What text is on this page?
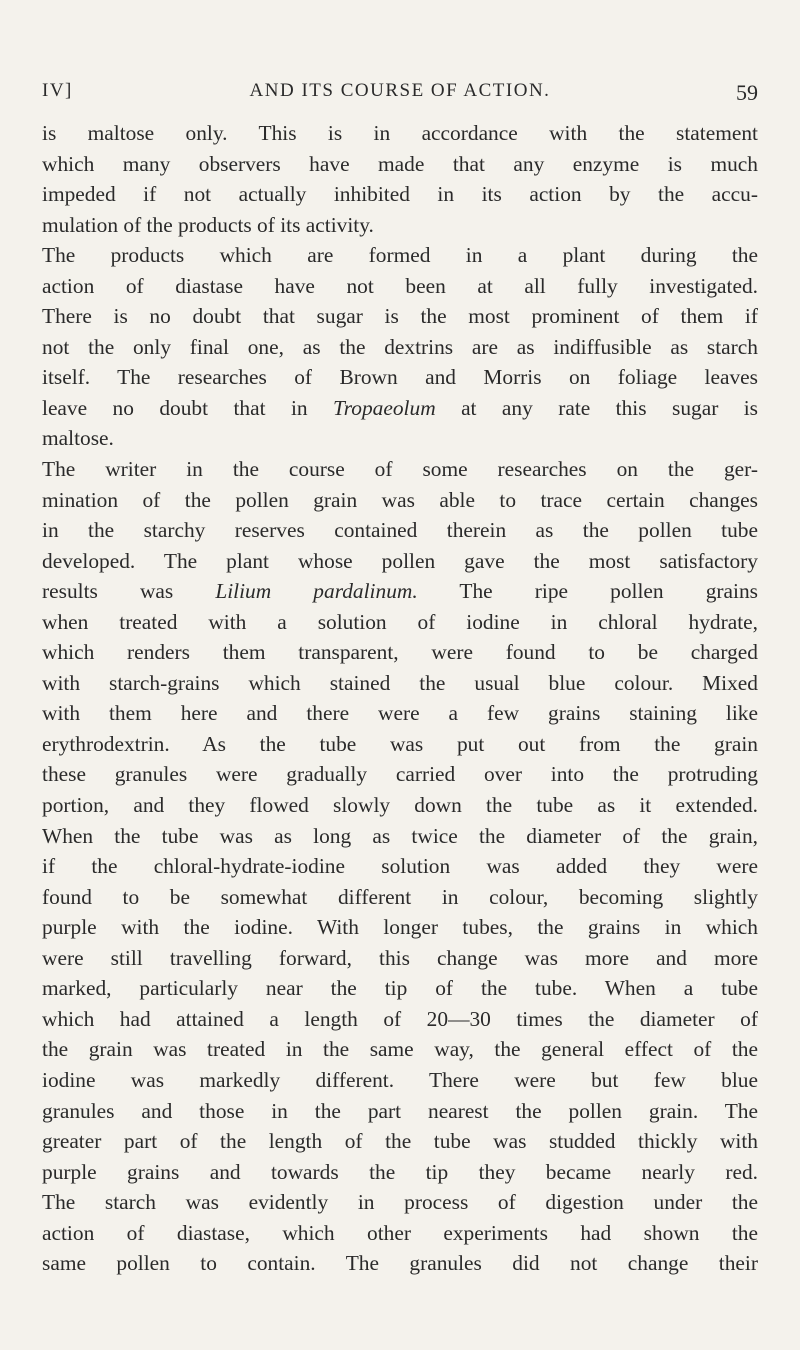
IV]	AND ITS COURSE OF ACTION.	59

is maltose only. This is in accordance with the statement

which many observers have made that any enzyme is much

impeded if not actually inhibited in its action by the accu-

mulation of the products of its activity.

The products which are formed in a plant during the

action of diastase have not been at all fully investigated.

There is no doubt that sugar is the most prominent of them if

not the only final one, as the dextrins are as indiffusible as starch

itself. The researches of Brown and Morris on foliage leaves

leave no doubt that in Tropaeolum at any rate this sugar is

maltose.

The writer in the course of some researches on the ger-

mination of the pollen grain was able to trace certain changes

in the starchy reserves contained therein as the pollen tube

developed. The plant whose pollen gave the most satisfactory

results was Lilium pardalinum. The ripe pollen grains

when treated with a solution of iodine in chloral hydrate,

which renders them transparent, were found to be charged

with starch-grains which stained the usual blue colour. Mixed

with them here and there were a few grains staining like

erythrodextrin. As the tube was put out from the grain

these granules were gradually carried over into the protruding

portion, and they flowed slowly down the tube as it extended.

When the tube was as long as twice the diameter of the grain,

if the chloral-hydrate-iodine solution was added they were

found to be somewhat different in colour, becoming slightly

purple with the iodine. With longer tubes, the grains in which

were still travelling forward, this change was more and more

marked, particularly near the tip of the tube. When a tube

which had attained a length of 20—30 times the diameter of

the grain was treated in the same way, the general effect of the

iodine was markedly different. There were but few blue

granules and those in the part nearest the pollen grain. The

greater part of the length of the tube was studded thickly with

purple grains and towards the tip they became nearly red.

The starch was evidently in process of digestion under the

action of diastase, which other experiments had shown the

same pollen to contain. The granules did not change their
